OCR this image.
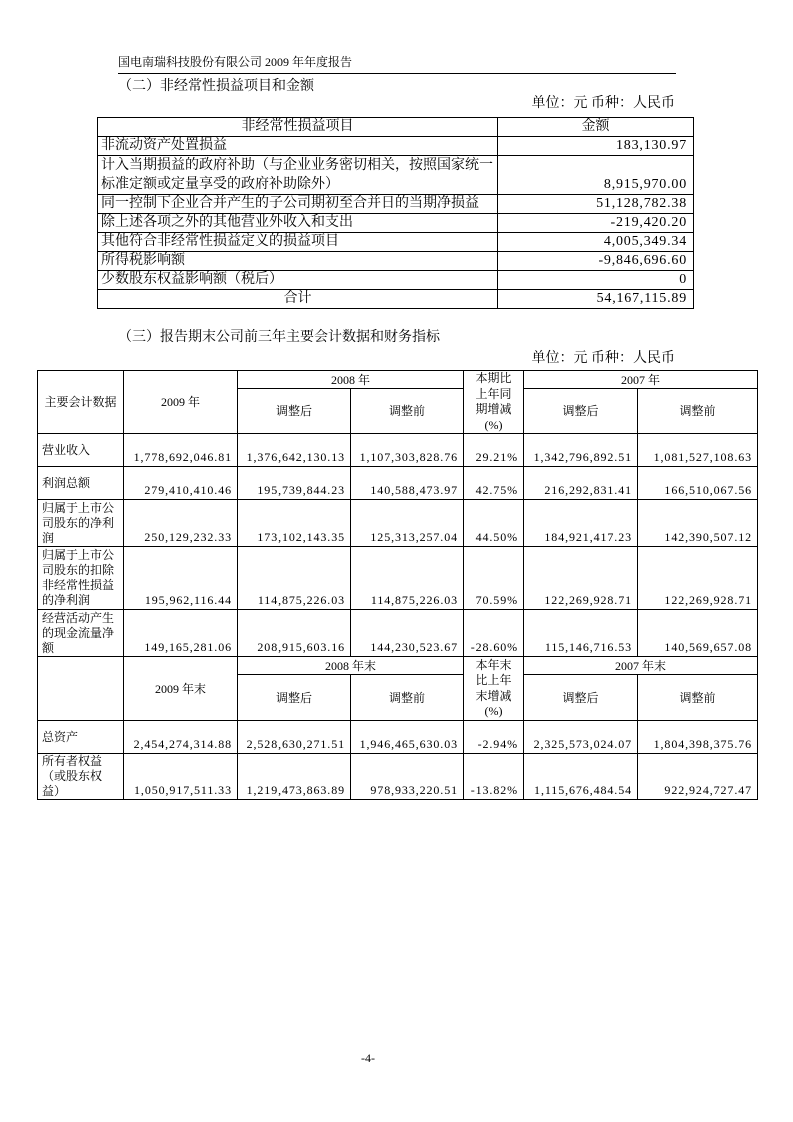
国电南瑞科技股份有限公司 2009 年年度报告
（二）非经常性损益项目和金额
单位：元 币种：人民币
非经常性损益项目	金额
非流动资产处置损益	183,130.97
计入当期损益的政府补助（与企业业务密切相关，按照国家统一标准定额或定量享受的政府补助除外）	8,915,970.00
同一控制下企业合并产生的子公司期初至合并日的当期净损益	51,128,782.38
除上述各项之外的其他营业外收入和支出	-219,420.20
其他符合非经常性损益定义的损益项目	4,005,349.34
所得税影响额	-9,846,696.60
少数股东权益影响额（税后）	0
合计	54,167,115.89
（三）报告期末公司前三年主要会计数据和财务指标
单位：元 币种：人民币
主要会计数据	2009 年	2008 年		本期比上年同期增减(%)	2007 年	
		调整后	调整前		调整后	调整前
营业收入	1,778,692,046.81	1,376,642,130.13	1,107,303,828.76	29.21%	1,342,796,892.51	1,081,527,108.63
利润总额	279,410,410.46	195,739,844.23	140,588,473.97	42.75%	216,292,831.41	166,510,067.56
归属于上市公司股东的净利润	250,129,232.33	173,102,143.35	125,313,257.04	44.50%	184,921,417.23	142,390,507.12
归属于上市公司股东的扣除非经常性损益的净利润	195,962,116.44	114,875,226.03	114,875,226.03	70.59%	122,269,928.71	122,269,928.71
经营活动产生的现金流量净额	149,165,281.06	208,915,603.16	144,230,523.67	-28.60%	115,146,716.53	140,569,657.08
	2009 年末	2008 年末		本年末比上年末增减(%)	2007 年末	
		调整后	调整前		调整后	调整前
总资产	2,454,274,314.88	2,528,630,271.51	1,946,465,630.03	-2.94%	2,325,573,024.07	1,804,398,375.76
所有者权益（或股东权益）	1,050,917,511.33	1,219,473,863.89	978,933,220.51	-13.82%	1,115,676,484.54	922,924,727.47
-4-
